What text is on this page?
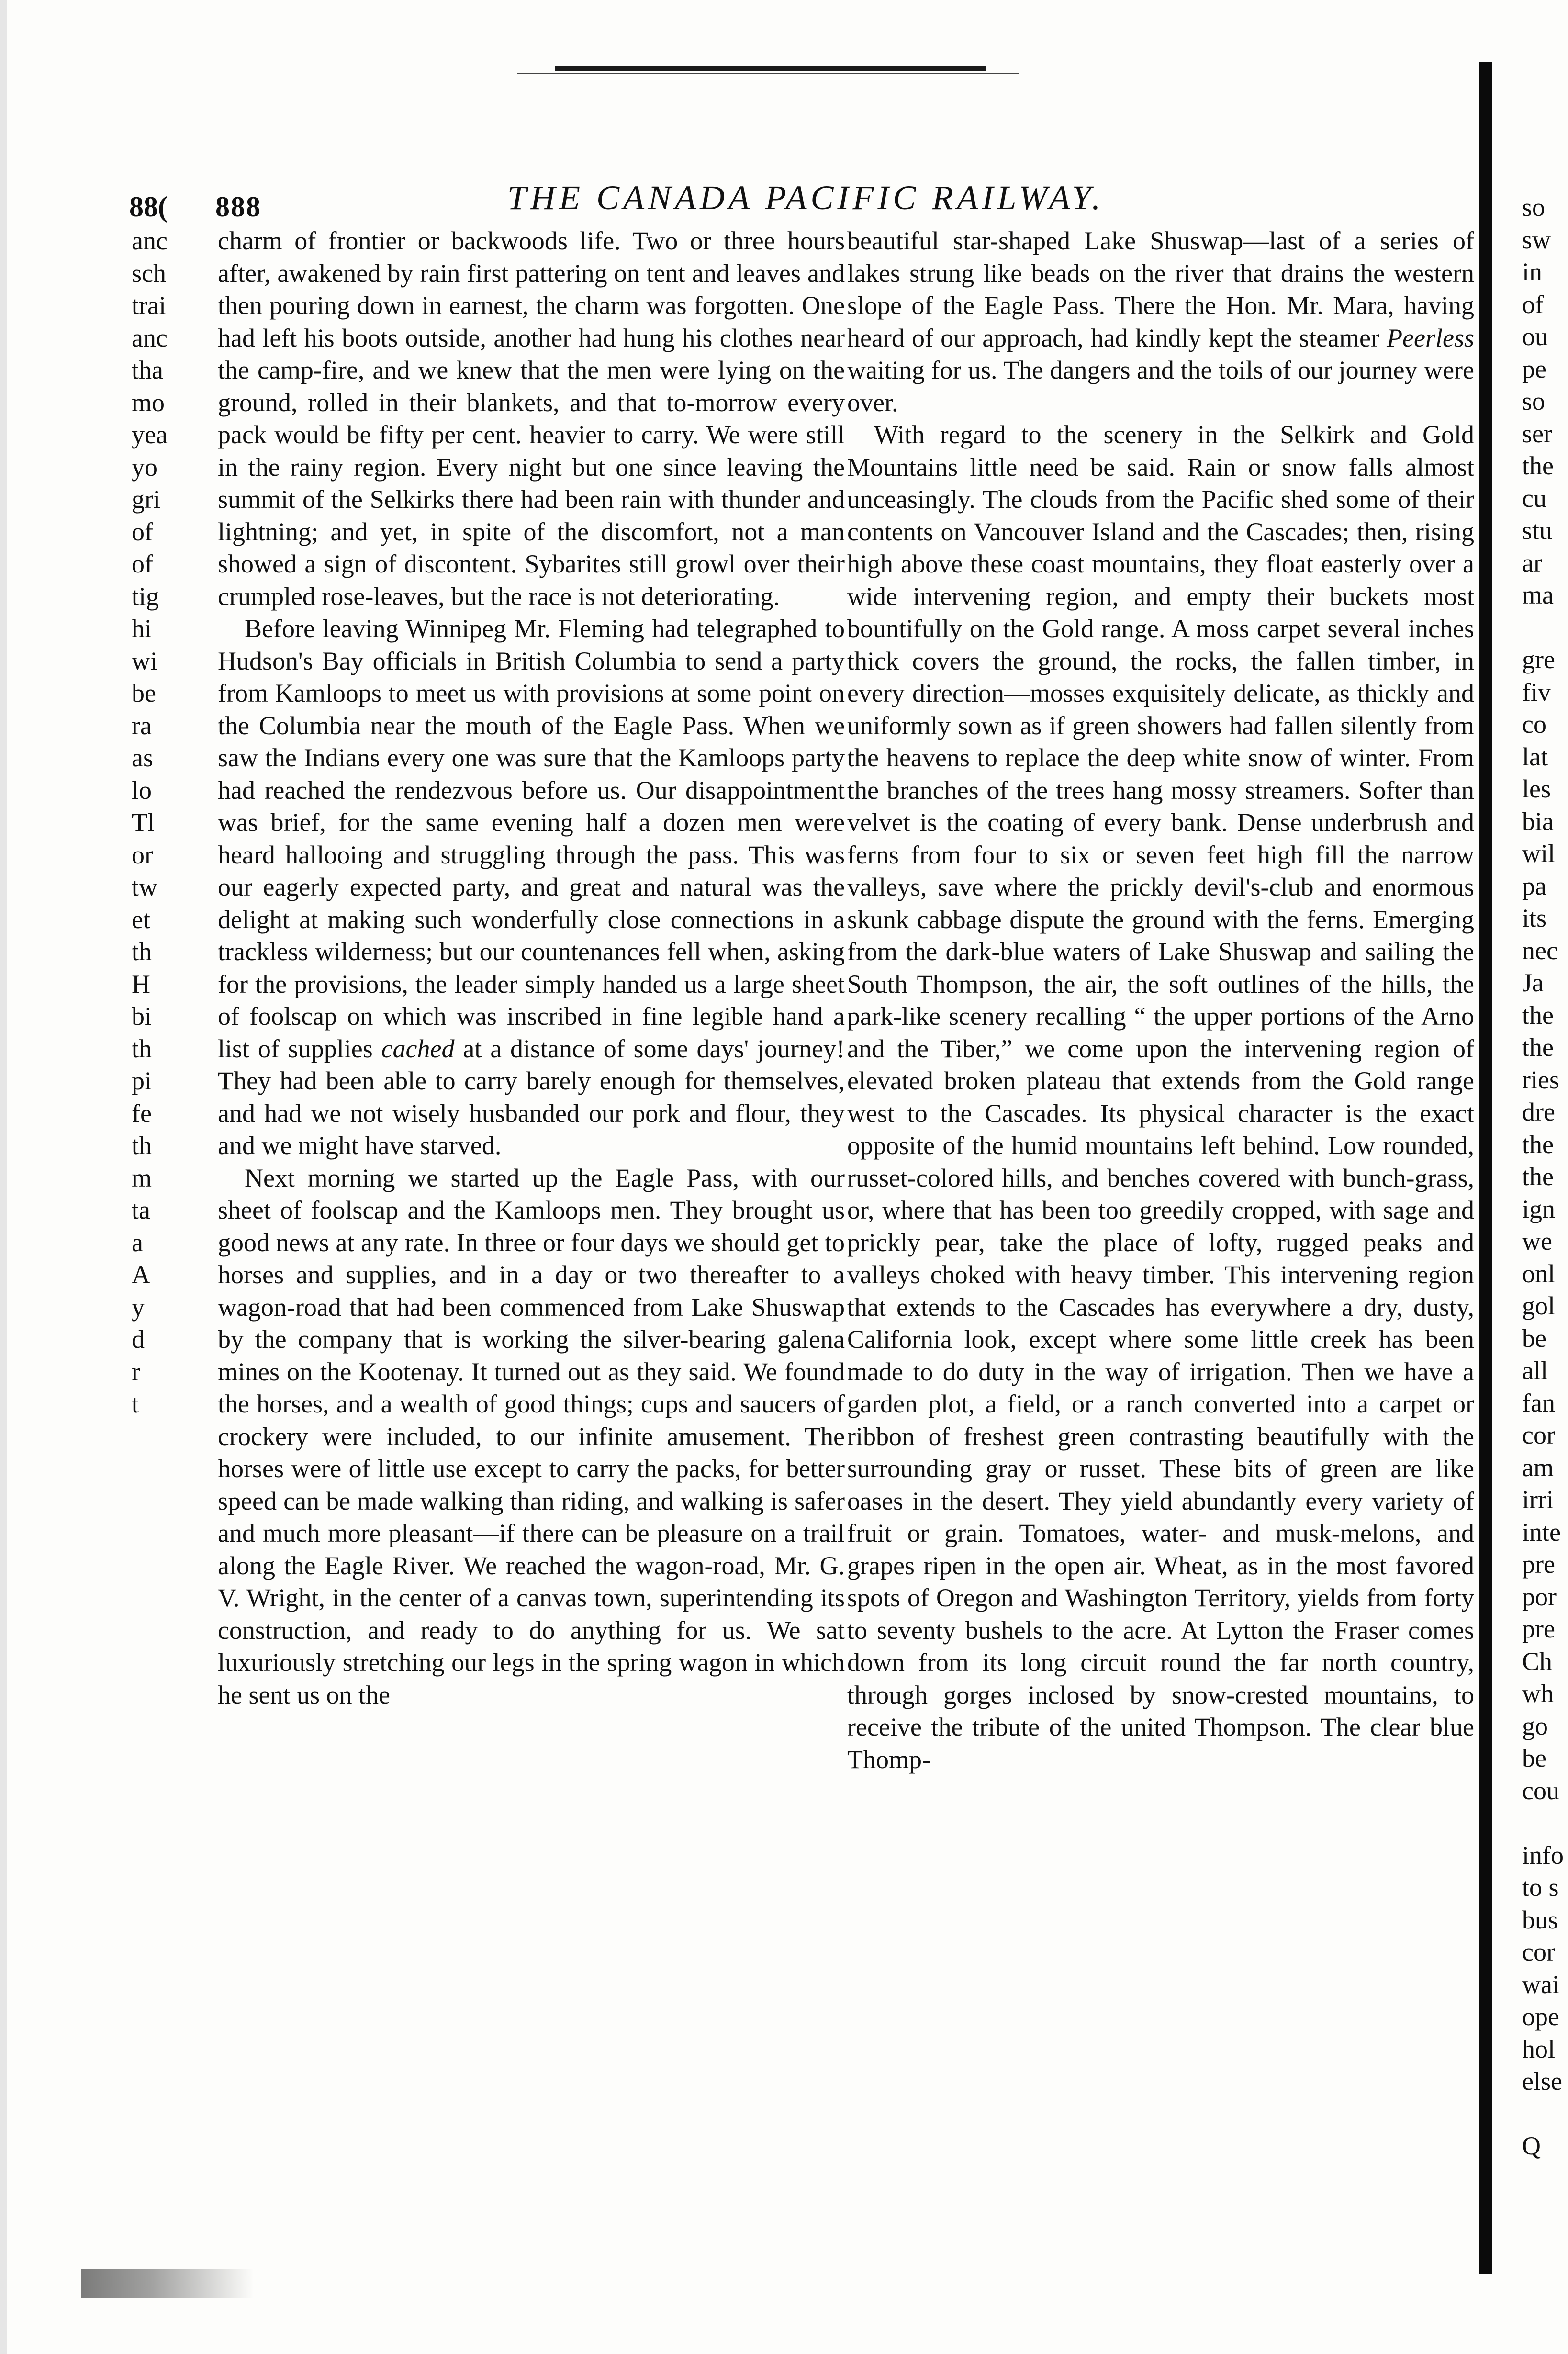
88( 888	THE CANADA PACIFIC RAILWAY.
anc
sch
trai
anc
tha
mo
yea
yo
gri
of
of
tig
hi
wi
be
ra
as
lo
Tl
or
tw
et
th
H
bi
th
pi
fe
th
m
ta
a
A
y
d
r
t

charm of frontier or backwoods life. Two or three hours after, awakened by rain first pattering on tent and leaves and then pouring down in earnest, the charm was forgotten. One had left his boots outside, another had hung his clothes near the camp-fire, and we knew that the men were lying on the ground, rolled in their blankets, and that to-morrow every pack would be fifty per cent. heavier to carry. We were still in the rainy region. Every night but one since leaving the summit of the Selkirks there had been rain with thunder and lightning; and yet, in spite of the discomfort, not a man showed a sign of discontent. Sybarites still growl over their crumpled rose-leaves, but the race is not deteriorating.

Before leaving Winnipeg Mr. Fleming had telegraphed to Hudson's Bay officials in British Columbia to send a party from Kamloops to meet us with provisions at some point on the Columbia near the mouth of the Eagle Pass. When we saw the Indians every one was sure that the Kamloops party had reached the rendezvous before us. Our disappointment was brief, for the same evening half a dozen men were heard hallooing and struggling through the pass. This was our eagerly expected party, and great and natural was the delight at making such wonderfully close connections in a trackless wilderness; but our countenances fell when, asking for the provisions, the leader simply handed us a large sheet of foolscap on which was inscribed in fine legible hand a list of supplies cached at a distance of some days' journey! They had been able to carry barely enough for themselves, and had we not wisely husbanded our pork and flour, they and we might have starved.

Next morning we started up the Eagle Pass, with our sheet of foolscap and the Kamloops men. They brought us good news at any rate. In three or four days we should get to horses and supplies, and in a day or two thereafter to a wagon-road that had been commenced from Lake Shuswap by the company that is working the silver-bearing galena mines on the Kootenay. It turned out as they said. We found the horses, and a wealth of good things; cups and saucers of crockery were included, to our infinite amusement. The horses were of little use except to carry the packs, for better speed can be made walking than riding, and walking is safer and much more pleasant—if there can be pleasure on a trail along the Eagle River. We reached the wagon-road, Mr. G. V. Wright, in the center of a canvas town, superintending its construction, and ready to do anything for us. We sat luxuriously stretching our legs in the spring wagon in which he sent us on the

beautiful star-shaped Lake Shuswap—last of a series of lakes strung like beads on the river that drains the western slope of the Eagle Pass. There the Hon. Mr. Mara, having heard of our approach, had kindly kept the steamer Peerless waiting for us. The dangers and the toils of our journey were over.

With regard to the scenery in the Selkirk and Gold Mountains little need be said. Rain or snow falls almost unceasingly. The clouds from the Pacific shed some of their contents on Vancouver Island and the Cascades; then, rising high above these coast mountains, they float easterly over a wide intervening region, and empty their buckets most bountifully on the Gold range. A moss carpet several inches thick covers the ground, the rocks, the fallen timber, in every direction—mosses exquisitely delicate, as thickly and uniformly sown as if green showers had fallen silently from the heavens to replace the deep white snow of winter. From the branches of the trees hang mossy streamers. Softer than velvet is the coating of every bank. Dense underbrush and ferns from four to six or seven feet high fill the narrow valleys, save where the prickly devil's-club and enormous skunk cabbage dispute the ground with the ferns. Emerging from the dark-blue waters of Lake Shuswap and sailing the South Thompson, the air, the soft outlines of the hills, the park-like scenery recalling “ the upper portions of the Arno and the Tiber,” we come upon the intervening region of elevated broken plateau that extends from the Gold range west to the Cascades. Its physical character is the exact opposite of the humid mountains left behind. Low rounded, russet-colored hills, and benches covered with bunch-grass, or, where that has been too greedily cropped, with sage and prickly pear, take the place of lofty, rugged peaks and valleys choked with heavy timber. This intervening region that extends to the Cascades has everywhere a dry, dusty, California look, except where some little creek has been made to do duty in the way of irrigation. Then we have a garden plot, a field, or a ranch converted into a carpet or ribbon of freshest green contrasting beautifully with the surrounding gray or russet. These bits of green are like oases in the desert. They yield abundantly every variety of fruit or grain. Tomatoes, water- and musk-melons, and grapes ripen in the open air. Wheat, as in the most favored spots of Oregon and Washington Territory, yields from forty to seventy bushels to the acre. At Lytton the Fraser comes down from its long circuit round the far north country, through gorges inclosed by snow-crested mountains, to receive the tribute of the united Thompson. The clear blue Thomp-

so
sw
in
of
ou
pe
so
ser
the
cu
stu
ar
ma

gre
fiv
co
lat
les
bia
wil
pa
its
nec
Ja
the
the
ries
dre
the
the
ign
we
onl
gol
be
all
fan
cor
am
irri
inte
pre
por
pre
Ch
wh
go
be
cou

info
to s
bus
cor
wai
ope
hol
else

Q
